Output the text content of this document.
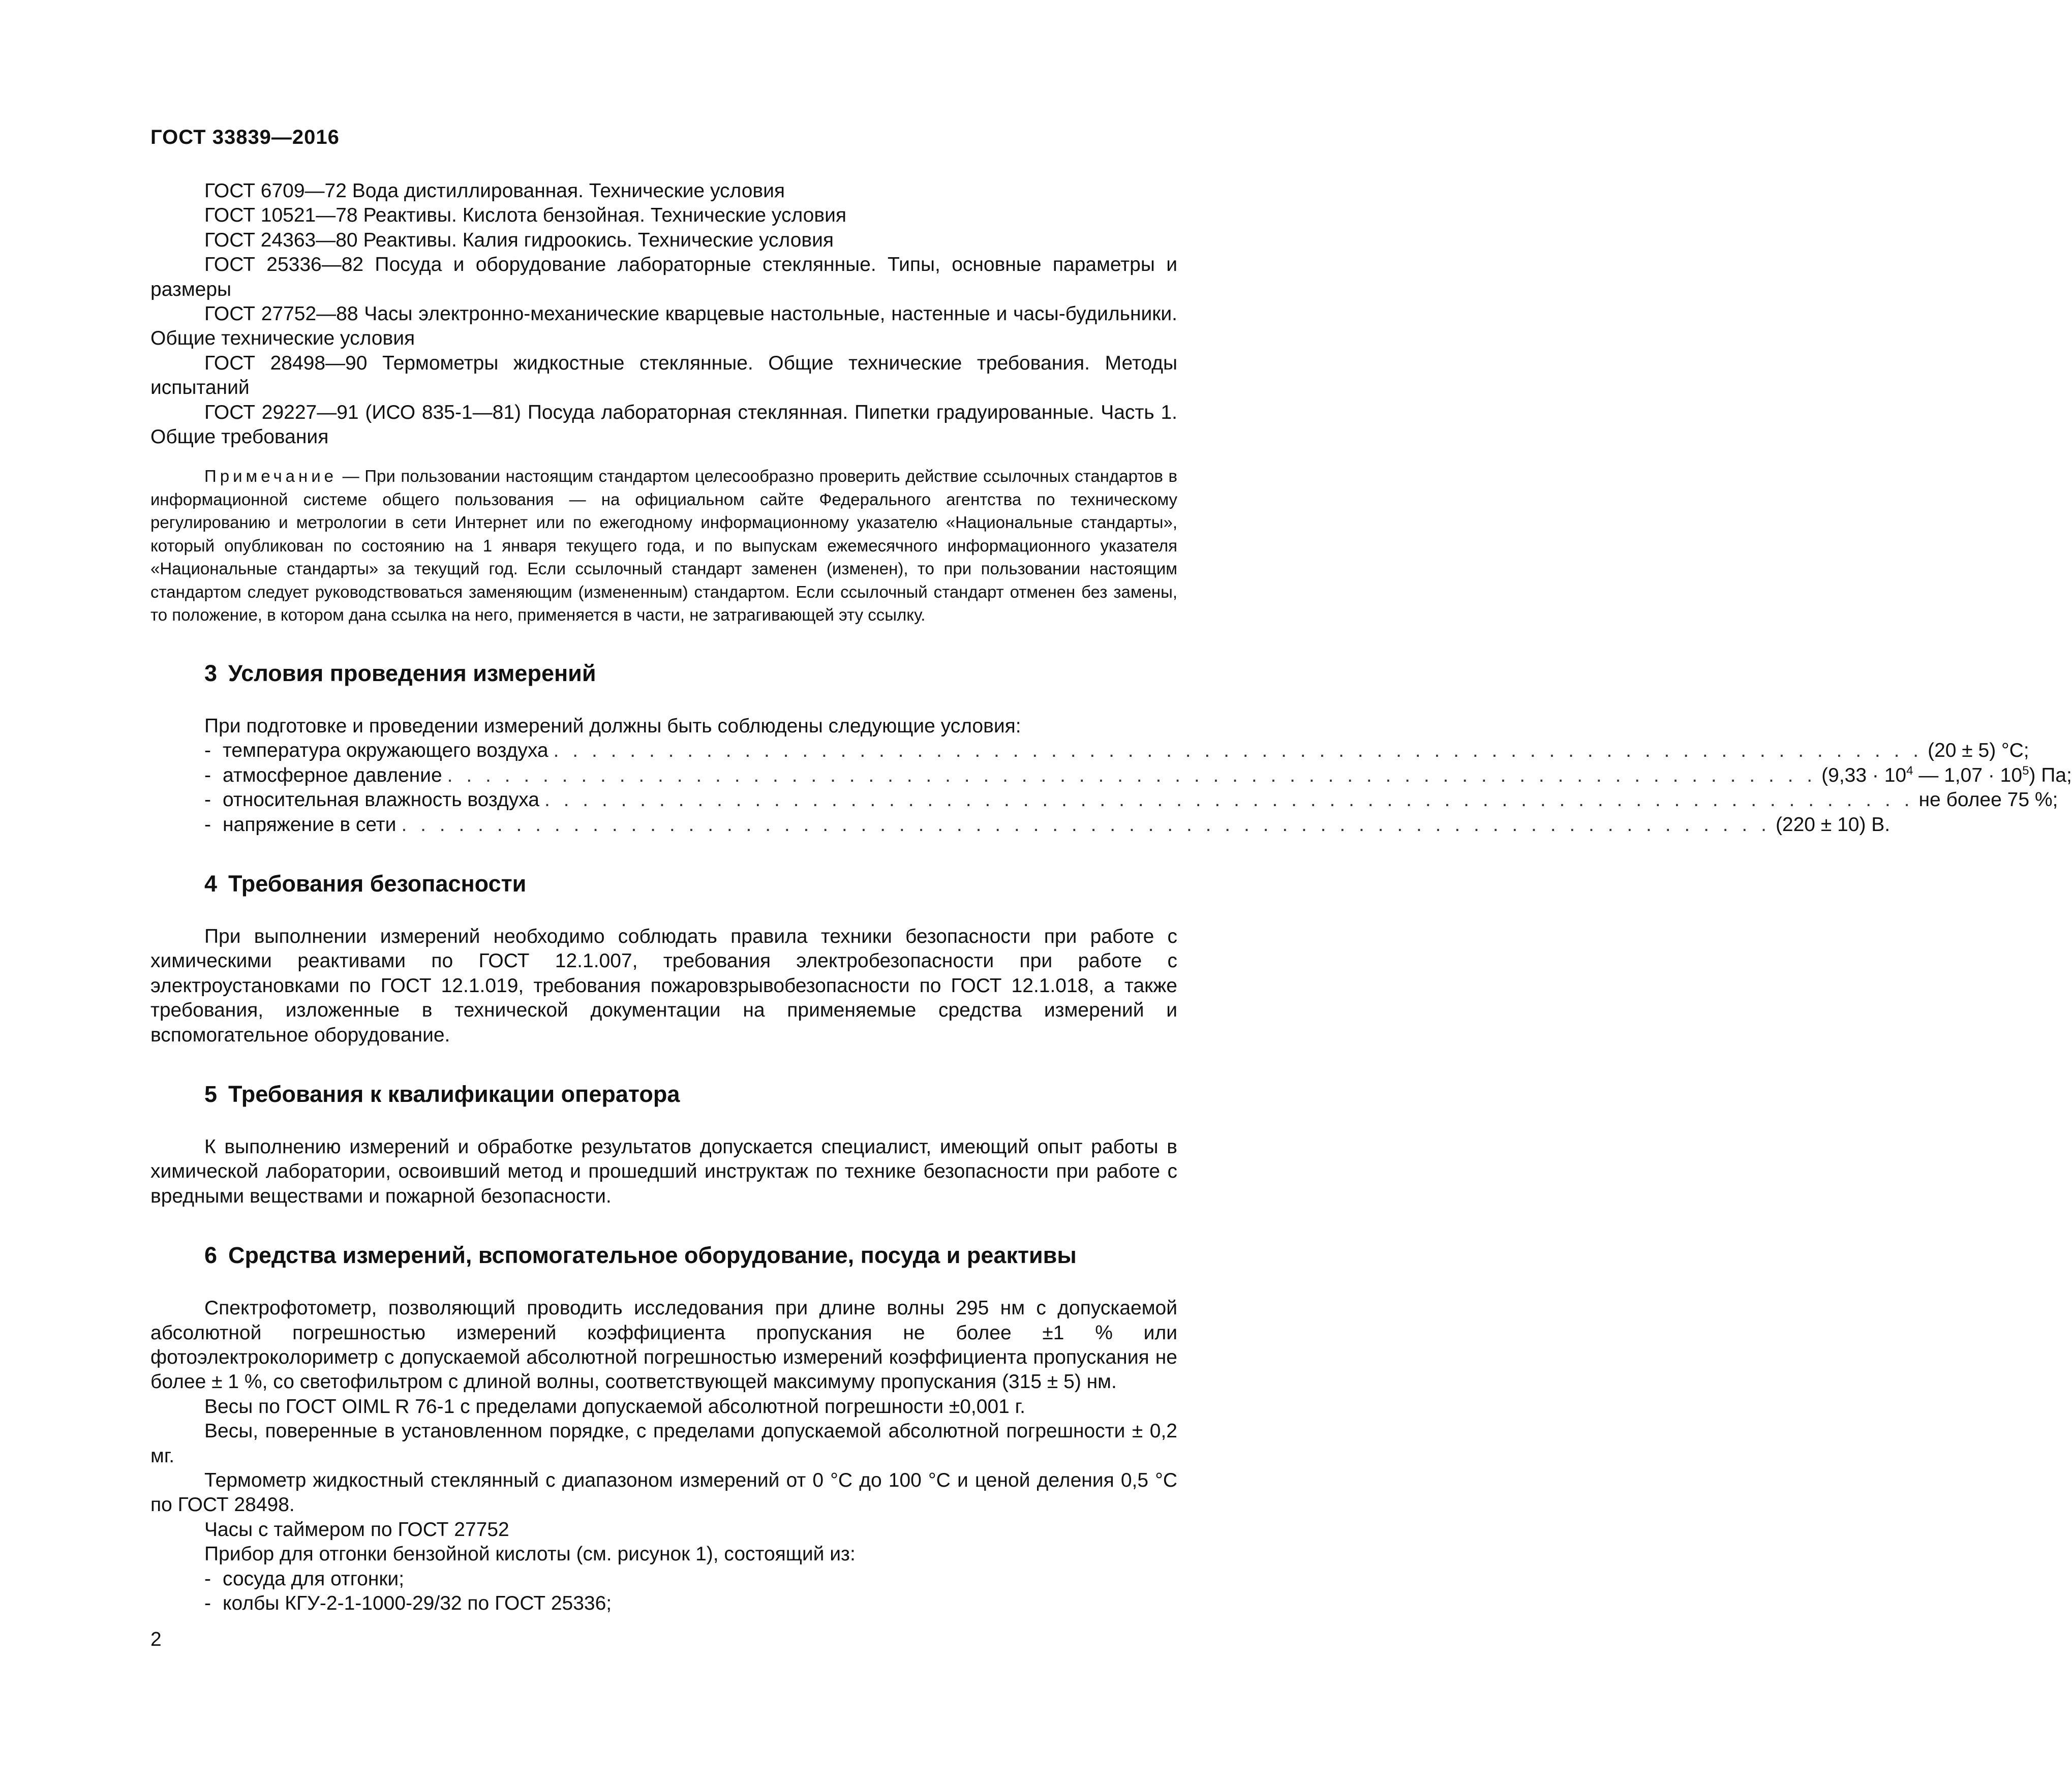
ГОСТ 33839—2016

ГОСТ 6709—72 Вода дистиллированная. Технические условия

ГОСТ 10521—78 Реактивы. Кислота бензойная. Технические условия

ГОСТ 24363—80 Реактивы. Калия гидроокись. Технические условия

ГОСТ 25336—82 Посуда и оборудование лабораторные стеклянные. Типы, основные параметры и размеры

ГОСТ 27752—88 Часы электронно-механические кварцевые настольные, настенные и часы-будильники. Общие технические условия

ГОСТ 28498—90 Термометры жидкостные стеклянные. Общие технические требования. Методы испытаний

ГОСТ 29227—91 (ИСО 835-1—81) Посуда лабораторная стеклянная. Пипетки градуированные. Часть 1. Общие требования

Примечание — При пользовании настоящим стандартом целесообразно проверить действие ссылочных стандартов в информационной системе общего пользования — на официальном сайте Федерального агентства по техническому регулированию и метрологии в сети Интернет или по ежегодному информационному указателю «Национальные стандарты», который опубликован по состоянию на 1 января текущего года, и по выпускам ежемесячного информационного указателя «Национальные стандарты» за текущий год. Если ссылочный стандарт заменен (изменен), то при пользовании настоящим стандартом следует руководствоваться заменяющим (измененным) стандартом. Если ссылочный стандарт отменен без замены, то положение, в котором дана ссылка на него, применяется в части, не затрагивающей эту ссылку.

3 Условия проведения измерений

При подготовке и проведении измерений должны быть соблюдены следующие условия:

- температура окружающего воздуха . . . . . . . . . . . . . . . . . . . . . . . . . . . . . . . . . . . . . . . . . . . . . . . . . . . . . . . . . . . . . . . . . . . . . . . . (20 ± 5) °C;
- атмосферное давление . . . . . . . . . . . . . . . . . . . . . . . . . . . . . . . . . . . . . . . . . . . . . . . . . . . . . . . . . . . . . . . . . . . . . . . . ($9,33 \cdot 10^4$ — $1,07 \cdot 10^5$) Па;
- относительная влажность воздуха . . . . . . . . . . . . . . . . . . . . . . . . . . . . . . . . . . . . . . . . . . . . . . . . . . . . . . . . . . . . . . . . . . . . . . . . не более 75 %;
- напряжение в сети . . . . . . . . . . . . . . . . . . . . . . . . . . . . . . . . . . . . . . . . . . . . . . . . . . . . . . . . . . . . . . . . . . . . . . . . (220 ± 10) В.
4 Требования безопасности

При выполнении измерений необходимо соблюдать правила техники безопасности при работе с химическими реактивами по ГОСТ 12.1.007, требования электробезопасности при работе с электроустановками по ГОСТ 12.1.019, требования пожаровзрывобезопасности по ГОСТ 12.1.018, а также требования, изложенные в технической документации на применяемые средства измерений и вспомогательное оборудование.

5 Требования к квалификации оператора

К выполнению измерений и обработке результатов допускается специалист, имеющий опыт работы в химической лаборатории, освоивший метод и прошедший инструктаж по технике безопасности при работе с вредными веществами и пожарной безопасности.

6 Средства измерений, вспомогательное оборудование, посуда и реактивы

Спектрофотометр, позволяющий проводить исследования при длине волны 295 нм с допускаемой абсолютной погрешностью измерений коэффициента пропускания не более ±1 % или фотоэлектроколориметр с допускаемой абсолютной погрешностью измерений коэффициента пропускания не более ± 1 %, со светофильтром с длиной волны, соответствующей максимуму пропускания (315 ± 5) нм.

Весы по ГОСТ OIML R 76-1 с пределами допускаемой абсолютной погрешности ±0,001 г.

Весы, поверенные в установленном порядке, с пределами допускаемой абсолютной погрешности ± 0,2 мг.

Термометр жидкостный стеклянный с диапазоном измерений от 0 °C до 100 °C и ценой деления 0,5 °C по ГОСТ 28498.

Часы с таймером по ГОСТ 27752

Прибор для отгонки бензойной кислоты (см. рисунок 1), состоящий из:

- сосуда для отгонки;

- колбы КГУ-2-1-1000-29/32 по ГОСТ 25336;

2
